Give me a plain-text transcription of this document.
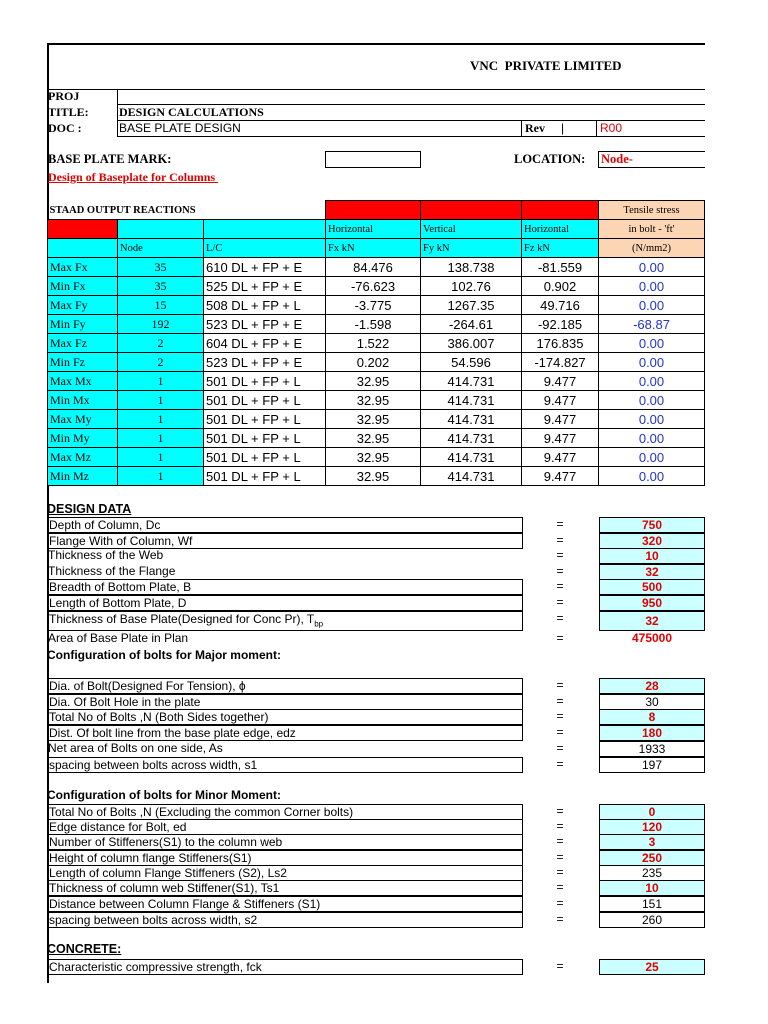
VNC  PRIVATE LIMITED
PROJ
TITLE:	DESIGN CALCULATIONS
DOC :	BASE PLATE DESIGN	Rev |	R00
BASE PLATE MARK:	LOCATION: Node-
Design of Baseplate for Columns
STAAD OUTPUT REACTIONS						Tensile stress
			Horizontal	Vertical	Horizontal	in bolt - 'ft'
	Node	L/C	Fx kN	Fy kN	Fz kN	(N/mm2)
Max Fx	35	610 DL + FP + E	84.476	138.738	-81.559	0.00
Min Fx	35	525 DL + FP + E	-76.623	102.76	0.902	0.00
Max Fy	15	508 DL + FP + L	-3.775	1267.35	49.716	0.00
Min Fy	192	523 DL + FP + E	-1.598	-264.61	-92.185	-68.87
Max Fz	2	604 DL + FP + E	1.522	386.007	176.835	0.00
Min Fz	2	523 DL + FP + E	0.202	54.596	-174.827	0.00
Max Mx	1	501 DL + FP + L	32.95	414.731	9.477	0.00
Min Mx	1	501 DL + FP + L	32.95	414.731	9.477	0.00
Max My	1	501 DL + FP + L	32.95	414.731	9.477	0.00
Min My	1	501 DL + FP + L	32.95	414.731	9.477	0.00
Max Mz	1	501 DL + FP + L	32.95	414.731	9.477	0.00
Min Mz	1	501 DL + FP + L	32.95	414.731	9.477	0.00
DESIGN DATA
Depth of Column, Dc	=	750
Flange With of Column, Wf	=	320
Thickness of the Web	=	10
Thickness of the Flange	=	32
Breadth of Bottom Plate, B	=	500
Length of Bottom Plate, D	=	950
Thickness of Base Plate(Designed for Conc Pr), $T_{bp}$	=	32
Area of Base Plate in Plan	=	475000
Configuration of bolts for Major moment:
Dia. of Bolt(Designed For Tension), ϕ	=	28
Dia. Of Bolt Hole in the plate	=	30
Total No of Bolts ,N (Both Sides together)	=	8
Dist. Of bolt line from the base plate edge, edz	=	180
Net area of Bolts on one side, As	=	1933
spacing between bolts across width, s1	=	197
Configuration of bolts for Minor Moment:
Total No of Bolts ,N (Excluding the common Corner bolts)	=	0
Edge distance for Bolt, ed	=	120
Number of Stiffeners(S1) to the column web	=	3
Height of column flange Stiffeners(S1)	=	250
Length of column Flange Stiffeners (S2), Ls2	=	235
Thickness of column web Stiffener(S1), Ts1	=	10
Distance between Column Flange & Stiffeners (S1)	=	151
spacing between bolts across width, s2	=	260
CONCRETE:
Characteristic compressive strength, fck	=	25
